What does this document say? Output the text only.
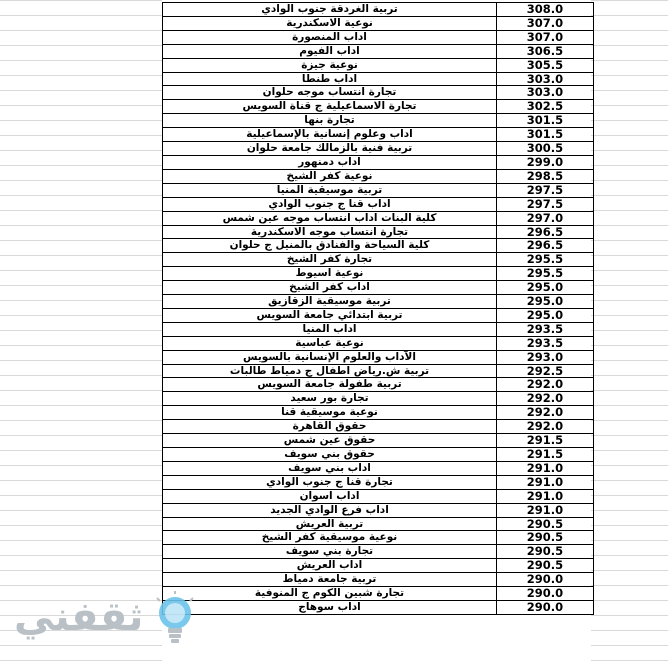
تربية الغردقة جنوب الوادي	308.0
نوعية الاسكندرية	307.0
اداب المنصورة	307.0
اداب الفيوم	306.5
نوعية جيزة	305.5
اداب طنطا	303.0
تجارة انتساب موجه حلوان	303.0
تجارة الاسماعيلية ج قناة السويس	302.5
تجارة بنها	301.5
اداب وعلوم إنسانية بالإسماعيلية	301.5
تربية فنية بالزمالك جامعة حلوان	300.5
اداب دمنهور	299.0
نوعية كفر الشيخ	298.5
تربية موسيقية المنيا	297.5
اداب قنا ج جنوب الوادي	297.5
كلية البنات اداب انتساب موجه عين شمس	297.0
تجارة انتساب موجه الاسكندرية	296.5
كلية السياحة والفنادق بالمنيل ج حلوان	296.5
تجارة كفر الشيخ	295.5
نوعية اسيوط	295.5
اداب كفر الشيخ	295.0
تربية موسيقية الزقازيق	295.0
تربية ابتدائي جامعة السويس	295.0
اداب المنيا	293.5
نوعية عباسية	293.5
الآداب والعلوم الإنسانية بالسويس	293.0
تربية ش.رياض اطفال ج دمياط طالبات	292.5
تربية طفولة جامعة السويس	292.0
تجارة بور سعيد	292.0
نوعية موسيقية قنا	292.0
حقوق القاهرة	292.0
حقوق عين شمس	291.5
حقوق بني سويف	291.5
اداب بني سويف	291.0
تجارة قنا ج جنوب الوادي	291.0
اداب اسوان	291.0
اداب فرع الوادي الجديد	291.0
تربية العريش	290.5
نوعية موسيقية كفر الشيخ	290.5
تجارة بني سويف	290.5
اداب العريش	290.5
تربية جامعة دمياط	290.0
تجارة شبين الكوم ج المنوفية	290.0
اداب سوهاج	290.0
ثقفني
